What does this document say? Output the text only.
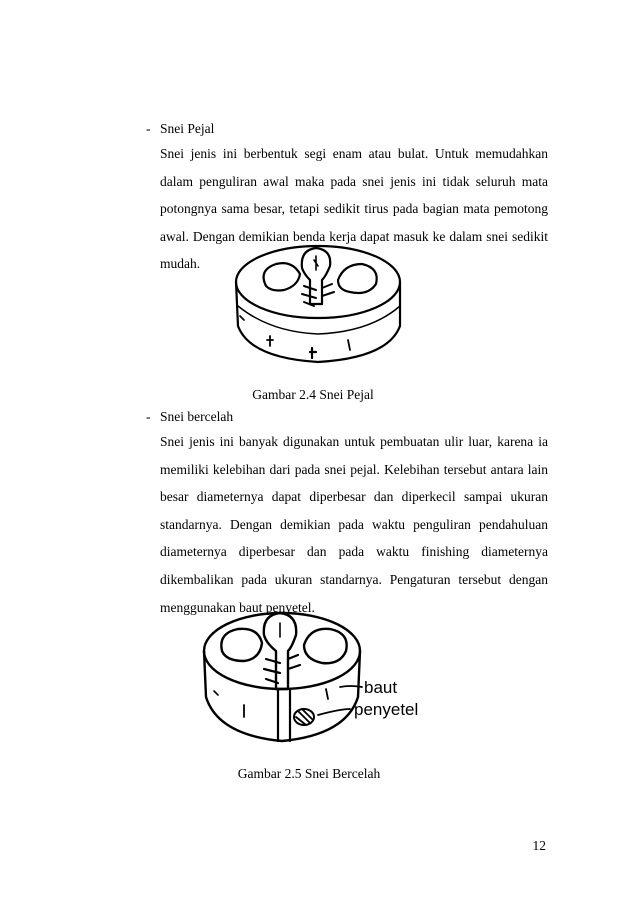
- Snei Pejal

Snei jenis ini berbentuk segi enam atau bulat. Untuk memudahkan dalam penguliran awal maka pada snei jenis ini tidak seluruh mata potongnya sama besar, tetapi sedikit tirus pada bagian mata pemotong awal. Dengan demikian benda kerja dapat masuk ke dalam snei sedikit mudah.

Gambar 2.4 Snei Pejal
- Snei bercelah

Snei jenis ini banyak digunakan untuk pembuatan ulir luar, karena ia memiliki kelebihan dari pada snei pejal. Kelebihan tersebut antara lain besar diameternya dapat diperbesar dan diperkecil sampai ukuran standarnya. Dengan demikian pada waktu penguliran pendahuluan diameternya diperbesar dan pada waktu finishing diameternya dikembalikan pada ukuran standarnya. Pengaturan tersebut dengan menggunakan baut penyetel.

baut
penyetel
Gambar 2.5 Snei Bercelah
12
